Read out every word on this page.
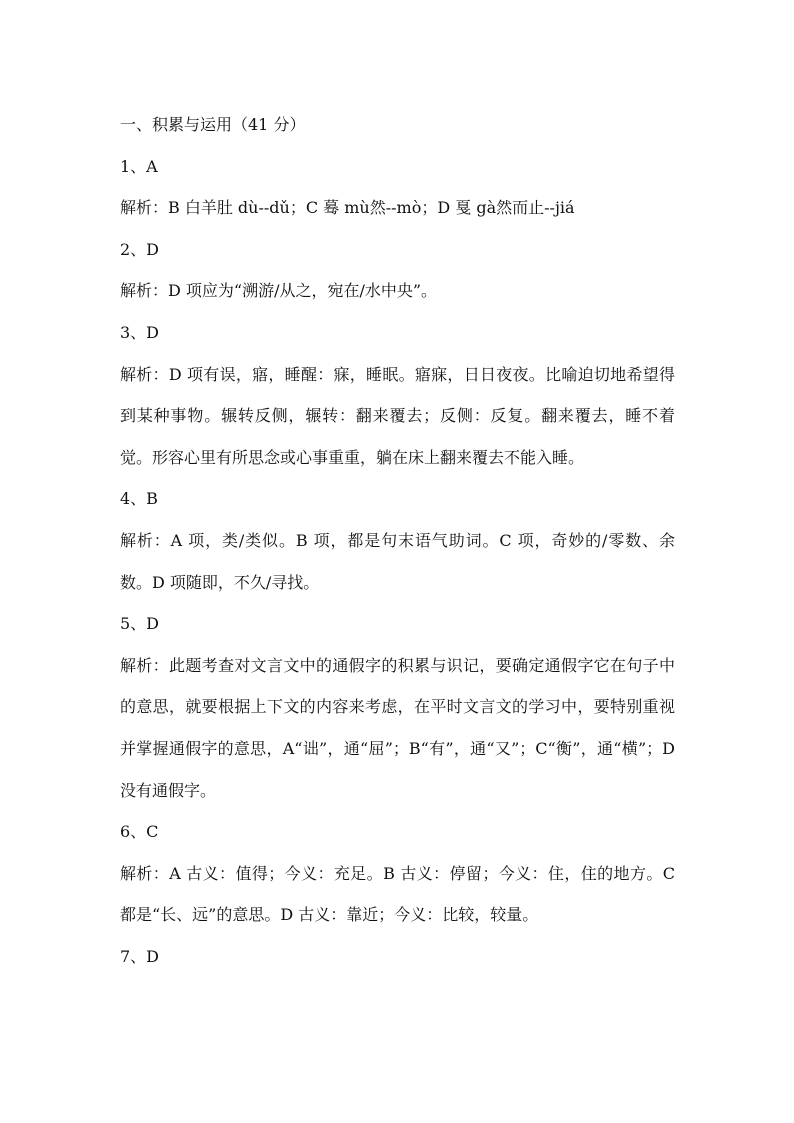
一、积累与运用（41 分）
1、A
解析：B 白羊肚 dù--dǔ；C 蓦 mù然--mò；D 戛 gà然而止--jiá
2、D
解析：D 项应为“溯游/从之，宛在/水中央”。
3、D
解析：D 项有误，寤，睡醒：寐，睡眠。寤寐，日日夜夜。比喻迫切地希望得到某种事物。辗转反侧，辗转：翻来覆去；反侧：反复。翻来覆去，睡不着觉。形容心里有所思念或心事重重，躺在床上翻来覆去不能入睡。
4、B
解析：A 项，类/类似。B 项，都是句末语气助词。C 项，奇妙的/零数、余数。D 项随即，不久/寻找。
5、D
解析：此题考查对文言文中的通假字的积累与识记，要确定通假字它在句子中的意思，就要根据上下文的内容来考虑，在平时文言文的学习中，要特别重视并掌握通假字的意思，A“诎”，通“屈”；B“有”，通“又”；C“衡”，通“横”；D 没有通假字。
6、C
解析：A 古义：值得；今义：充足。B 古义：停留；今义：住，住的地方。C 都是“长、远”的意思。D 古义：靠近；今义：比较，较量。
7、D
